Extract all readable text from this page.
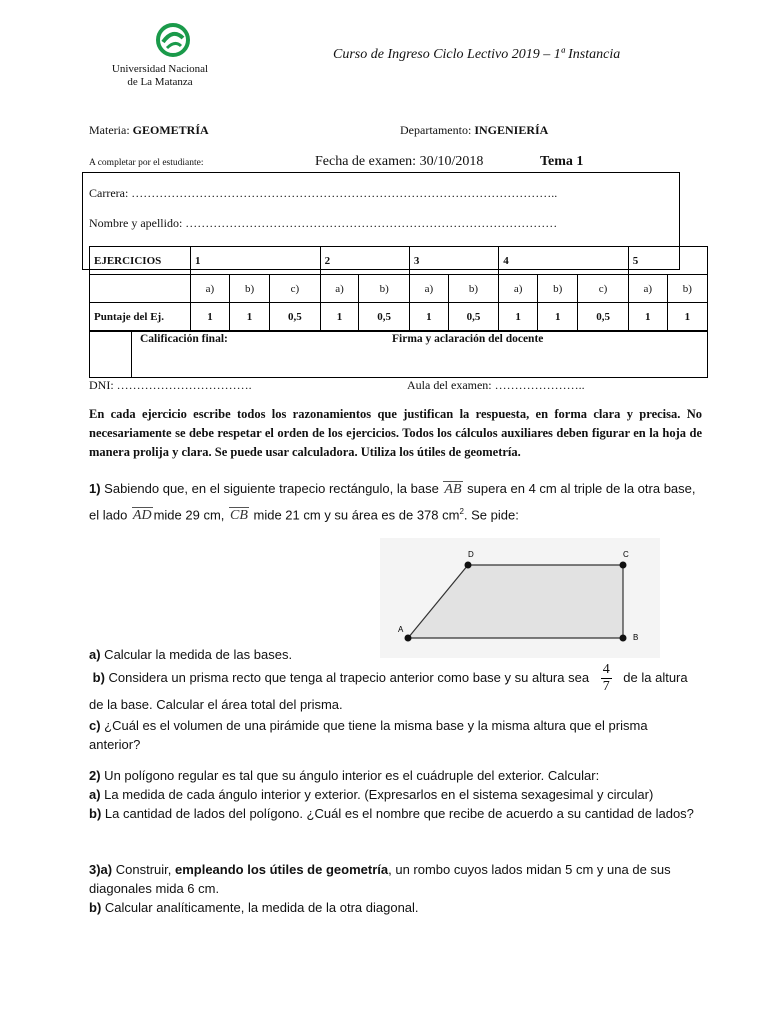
Universidad Nacional
de La Matanza
Curso de Ingreso Ciclo Lectivo 2019 – 1ª Instancia
Materia: GEOMETRÍA	Departamento: INGENIERÍA
A completar por el estudiante:	Fecha de examen: 30/10/2018	Tema 1
Carrera: ……………………………………………………………………………………………..
Nombre y apellido: …………………………………………………………………………………
EJERCICIOS	1			2		3		4			5	
	a)	b)	c)	a)	b)	a)	b)	a)	b)	c)	a)	b)
Puntaje del Ej.	1	1	0,5	1	0,5	1	0,5	1	1	0,5	1	1
Calificación final:	Firma y aclaración del docente
DNI: …………………………….	Aula del examen: …………………..
En cada ejercicio escribe todos los razonamientos que justifican la respuesta, en forma clara y precisa. No necesariamente se debe respetar el orden de los ejercicios. Todos los cálculos auxiliares deben figurar en la hoja de manera prolija y clara. Se puede usar calculadora. Utiliza los útiles de geometría.
1) Sabiendo que, en el siguiente trapecio rectángulo, la base AB supera en 4 cm al triple de la otra base, el lado AD mide 29 cm, CB mide 21 cm y su área es de 378 $cm^2$. Se pide:
A
B
C
D
a) Calcular la medida de las bases.
b) Considera un prisma recto que tenga al trapecio anterior como base y su altura sea $\frac{4}{7}$ de la altura de la base. Calcular el área total del prisma.
c) ¿Cuál es el volumen de una pirámide que tiene la misma base y la misma altura que el prisma anterior?
2) Un polígono regular es tal que su ángulo interior es el cuádruple del exterior. Calcular:
a) La medida de cada ángulo interior y exterior. (Expresarlos en el sistema sexagesimal y circular)
b) La cantidad de lados del polígono. ¿Cuál es el nombre que recibe de acuerdo a su cantidad de lados?
3)a) Construir, empleando los útiles de geometría, un rombo cuyos lados midan 5 cm y una de sus diagonales mida 6 cm.
b) Calcular analíticamente, la medida de la otra diagonal.
